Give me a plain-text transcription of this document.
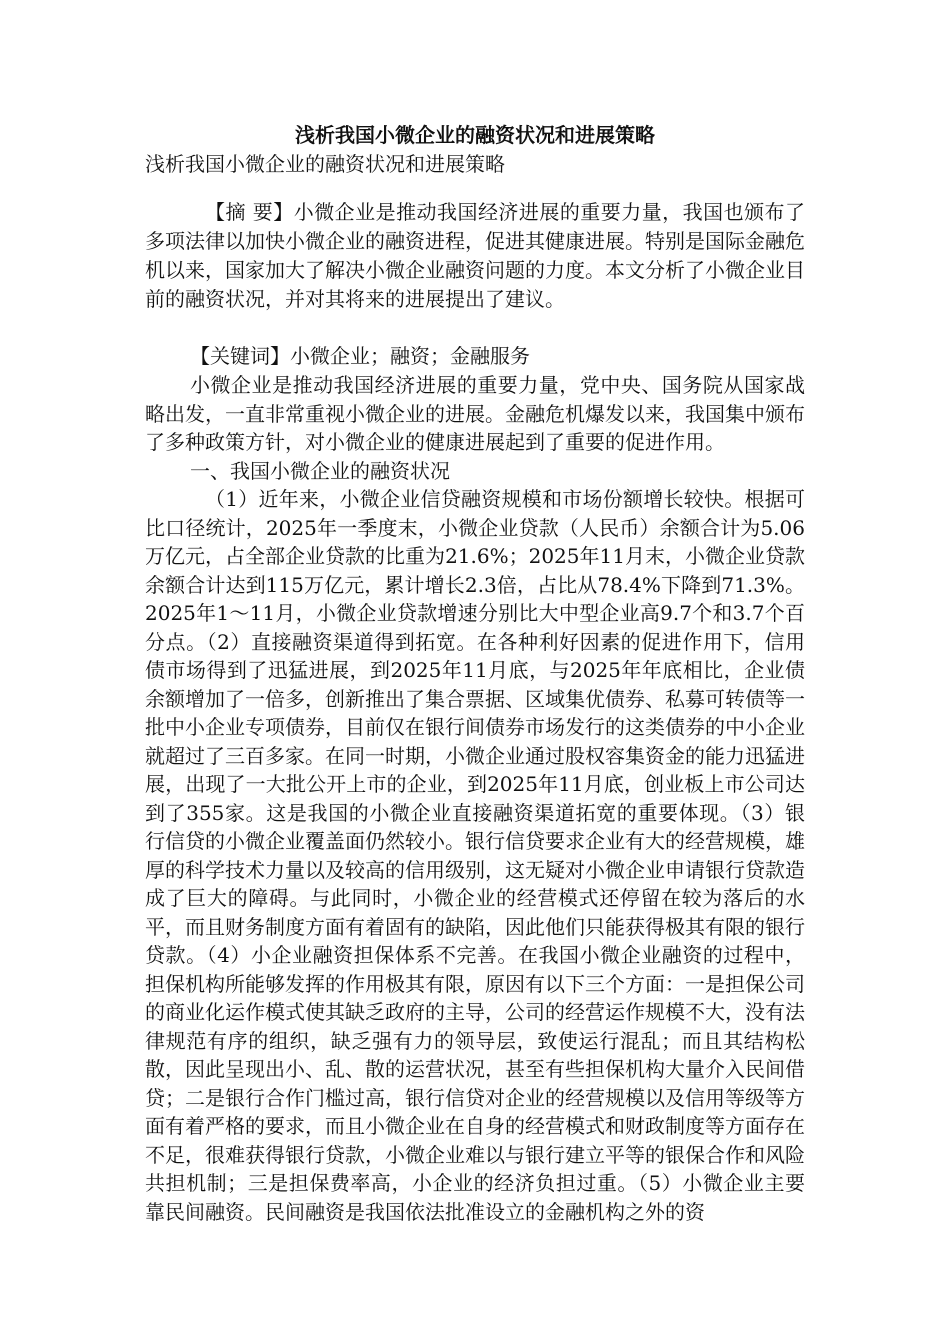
浅析我国小微企业的融资状况和进展策略

浅析我国小微企业的融资状况和进展策略

【摘 要】小微企业是推动我国经济进展的重要力量，我国也颁布了多项法律以加快小微企业的融资进程，促进其健康进展。特别是国际金融危机以来，国家加大了解决小微企业融资问题的力度。本文分析了小微企业目前的融资状况，并对其将来的进展提出了建议。

【关键词】小微企业；融资；金融服务

小微企业是推动我国经济进展的重要力量，党中央、国务院从国家战略出发，一直非常重视小微企业的进展。金融危机爆发以来，我国集中颁布了多种政策方针，对小微企业的健康进展起到了重要的促进作用。

一、我国小微企业的融资状况

（1）近年来，小微企业信贷融资规模和市场份额增长较快。根据可比口径统计，2025年一季度末，小微企业贷款（人民币）余额合计为5.06万亿元，占全部企业贷款的比重为21.6%；2025年11月末，小微企业贷款余额合计达到115万亿元，累计增长2.3倍，占比从78.4%下降到71.3%。2025年1～11月，小微企业贷款增速分别比大中型企业高9.7个和3.7个百分点。（2）直接融资渠道得到拓宽。在各种利好因素的促进作用下，信用债市场得到了迅猛进展，到2025年11月底，与2025年年底相比，企业债余额增加了一倍多，创新推出了集合票据、区域集优债券、私募可转债等一批中小企业专项债券，目前仅在银行间债券市场发行的这类债券的中小企业就超过了三百多家。在同一时期，小微企业通过股权容集资金的能力迅猛进展，出现了一大批公开上市的企业，到2025年11月底，创业板上市公司达到了355家。这是我国的小微企业直接融资渠道拓宽的重要体现。（3）银行信贷的小微企业覆盖面仍然较小。银行信贷要求企业有大的经营规模，雄厚的科学技术力量以及较高的信用级别，这无疑对小微企业申请银行贷款造成了巨大的障碍。与此同时，小微企业的经营模式还停留在较为落后的水平，而且财务制度方面有着固有的缺陷，因此他们只能获得极其有限的银行贷款。（4）小企业融资担保体系不完善。在我国小微企业融资的过程中，担保机构所能够发挥的作用极其有限，原因有以下三个方面：一是担保公司的商业化运作模式使其缺乏政府的主导，公司的经营运作规模不大，没有法律规范有序的组织，缺乏强有力的领导层，致使运行混乱；而且其结构松散，因此呈现出小、乱、散的运营状况，甚至有些担保机构大量介入民间借贷；二是银行合作门槛过高，银行信贷对企业的经营规模以及信用等级等方面有着严格的要求，而且小微企业在自身的经营模式和财政制度等方面存在不足，很难获得银行贷款，小微企业难以与银行建立平等的银保合作和风险共担机制；三是担保费率高，小企业的经济负担过重。（5）小微企业主要靠民间融资。民间融资是我国依法批准设立的金融机构之外的资
